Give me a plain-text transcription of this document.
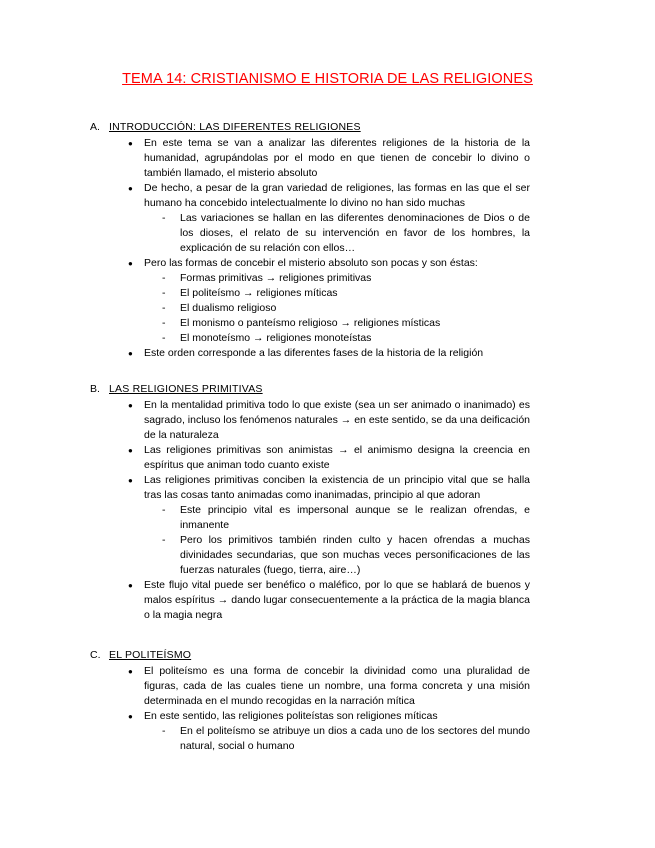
TEMA 14: CRISTIANISMO E HISTORIA DE LAS RELIGIONES
A. INTRODUCCIÓN: LAS DIFERENTES RELIGIONES

● En este tema se van a analizar las diferentes religiones de la historia de la humanidad, agrupándolas por el modo en que tienen de concebir lo divino o también llamado, el misterio absoluto

● De hecho, a pesar de la gran variedad de religiones, las formas en las que el ser humano ha concebido intelectualmente lo divino no han sido muchas

- Las variaciones se hallan en las diferentes denominaciones de Dios o de los dioses, el relato de su intervención en favor de los hombres, la explicación de su relación con ellos…

● Pero las formas de concebir el misterio absoluto son pocas y son éstas:

- Formas primitivas → religiones primitivas

- El politeísmo → religiones míticas

- El dualismo religioso

- El monismo o panteísmo religioso → religiones místicas

- El monoteísmo → religiones monoteístas

● Este orden corresponde a las diferentes fases de la historia de la religión

B. LAS RELIGIONES PRIMITIVAS

● En la mentalidad primitiva todo lo que existe (sea un ser animado o inanimado) es sagrado, incluso los fenómenos naturales → en este sentido, se da una deificación de la naturaleza

● Las religiones primitivas son animistas → el animismo designa la creencia en espíritus que animan todo cuanto existe

● Las religiones primitivas conciben la existencia de un principio vital que se halla tras las cosas tanto animadas como inanimadas, principio al que adoran

- Este principio vital es impersonal aunque se le realizan ofrendas, e inmanente

- Pero los primitivos también rinden culto y hacen ofrendas a muchas divinidades secundarias, que son muchas veces personificaciones de las fuerzas naturales (fuego, tierra, aire…)

● Este flujo vital puede ser benéfico o maléfico, por lo que se hablará de buenos y malos espíritus → dando lugar consecuentemente a la práctica de la magia blanca o la magia negra

C. EL POLITEÍSMO

● El politeísmo es una forma de concebir la divinidad como una pluralidad de figuras, cada de las cuales tiene un nombre, una forma concreta y una misión determinada en el mundo recogidas en la narración mítica

● En este sentido, las religiones politeístas son religiones míticas

- En el politeísmo se atribuye un dios a cada uno de los sectores del mundo natural, social o humano
